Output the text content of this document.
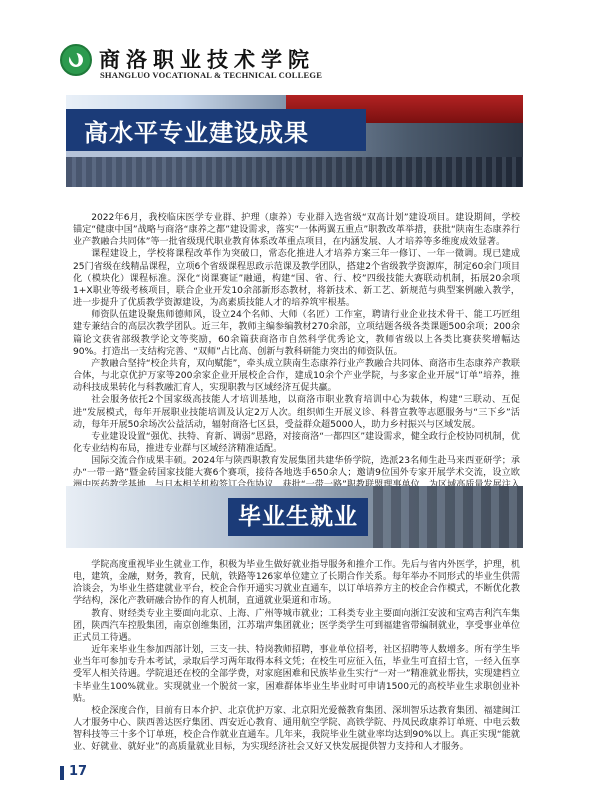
商洛职业技术学院
SHANGLUO VOCATIONAL & TECHNICAL COLLEGE
高水平专业建设成果

2022年6月，我校临床医学专业群、护理（康养）专业群入选省级“双高计划”建设项目。建设期间，学校锚定“健康中国”战略与商洛“康养之都”建设需求，落实“一体两翼五重点”职教改革举措，获批“陕南生态康养行业产教融合共同体”等一批省级现代职业教育体系改革重点项目，在内涵发展、人才培养等多维度成效显著。

课程建设上，学校将课程改革作为突破口，常态化推进人才培养方案三年一修订、一年一微调。现已建成25门省级在线精品课程，立项6个省级课程思政示范课及教学团队，搭建2个省级教学资源库，制定60余门项目化（模块化）课程标准。深化“岗课赛证”融通，构建“国、省、行、校”四级技能大赛联动机制，拓展20余项1+X职业等级考核项目，联合企业开发10余部新形态教材，将新技术、新工艺、新规范与典型案例融入教学，进一步提升了优质教学资源建设，为高素质技能人才的培养筑牢根基。

师资队伍建设聚焦师德师风，设立24个名师、大师（名匠）工作室，聘请行业企业技术骨干、能工巧匠组建专兼结合的高层次教学团队。近三年，教师主编参编教材270余部，立项结题各级各类课题500余项；200余篇论文获省部级教学论文等奖励，60余篇获商洛市自然科学优秀论文，教师省级以上各类比赛获奖增幅达90%。打造出一支结构完善、“双师”占比高、创新与教科研能力突出的师资队伍。

产教融合坚持“校企共育，双向赋能”，牵头成立陕南生态康养行业产教融合共同体、商洛市生态康养产教联合体，与北京优护万家等200余家企业开展校企合作，建成10余个产业学院，与多家企业开展“订单”培养，推动科技成果转化与科教融汇育人，实现职教与区域经济互促共赢。

社会服务依托2个国家级高技能人才培训基地，以商洛市职业教育培训中心为载体，构建“三联动、互促进”发展模式，每年开展职业技能培训及认定2万人次。组织师生开展义诊、科普宣教等志愿服务与“三下乡”活动，每年开展50余场次公益活动，辐射商洛七区县，受益群众超5000人，助力乡村振兴与区域发展。

专业建设设置“强优、扶特、育新、调弱”思路，对接商洛“一都四区”建设需求，健全政行企校协同机制，优化专业结构布局，推进专业群与区域经济精准适配。

国际交流合作成果丰硕。2024年与陕西职教育发展集团共建华侨学院，选派23名师生赴马来西亚研学；承办“一带一路”暨金砖国家技能大赛6个赛项，接待各地选手650余人；邀请9位国外专家开展学术交流，设立欧

毕业生就业

学院高度重视毕业生就业工作，积极为毕业生做好就业指导服务和推介工作。先后与省内外医学，护理，机电，建筑，金融，财务，教育，民航，铁路等126家单位建立了长期合作关系。每年举办不同形式的毕业生供需洽谈会，为毕业生搭建就业平台，校企合作开通实习就业直通车，以订单培养方主的校企合作模式，不断优化教学结构，深化产教研融合协作的育人机制，直通就业渠道和市场。

教育、财经类专业主要面向北京、上海、广州等城市就业；工科类专业主要面向浙江安波和宝鸡吉利汽车集团，陕西汽车控股集团，南京创维集团，江苏瑞声集团就业；医学类学生可到福建省带编制就业，享受事业单位正式员工待遇。

近年来毕业生参加西部计划，三支一扶、特岗教师招聘，事业单位招考，社区招聘等人数增多。所有学生毕业当年可参加专升本考试，录取后学习两年取得本科文凭；在校生可应征入伍，毕业生可直招士官，一经入伍享受军人相关待遇。学院退还在校的全部学费，对家庭困难和民族毕业生实行“一对一”精准就业帮扶，实现建档立卡毕业生100%就业。实现就业一个脱贫一家，困难群体毕业生毕业时可申请1500元的高校毕业生求职创业补贴。

校企深度合作，目前有日本介护、北京优护万家、北京阳光爱薇教育集团、深圳智乐达教育集团、福建闽江人才服务中心、陕西善达医疗集团、西安近心教育、通用航空学院、高铁学院、丹凤民政康养订单班、中电云数智科技等三十多个订单班，校企合作就业直通车。几年来，我院毕业生就业率均达到90%以上。真正实现“能就业、好就业、就好业”的高质量就业目标，为实现经济社会又好又快发展提供智力支持和人才服务。

17
